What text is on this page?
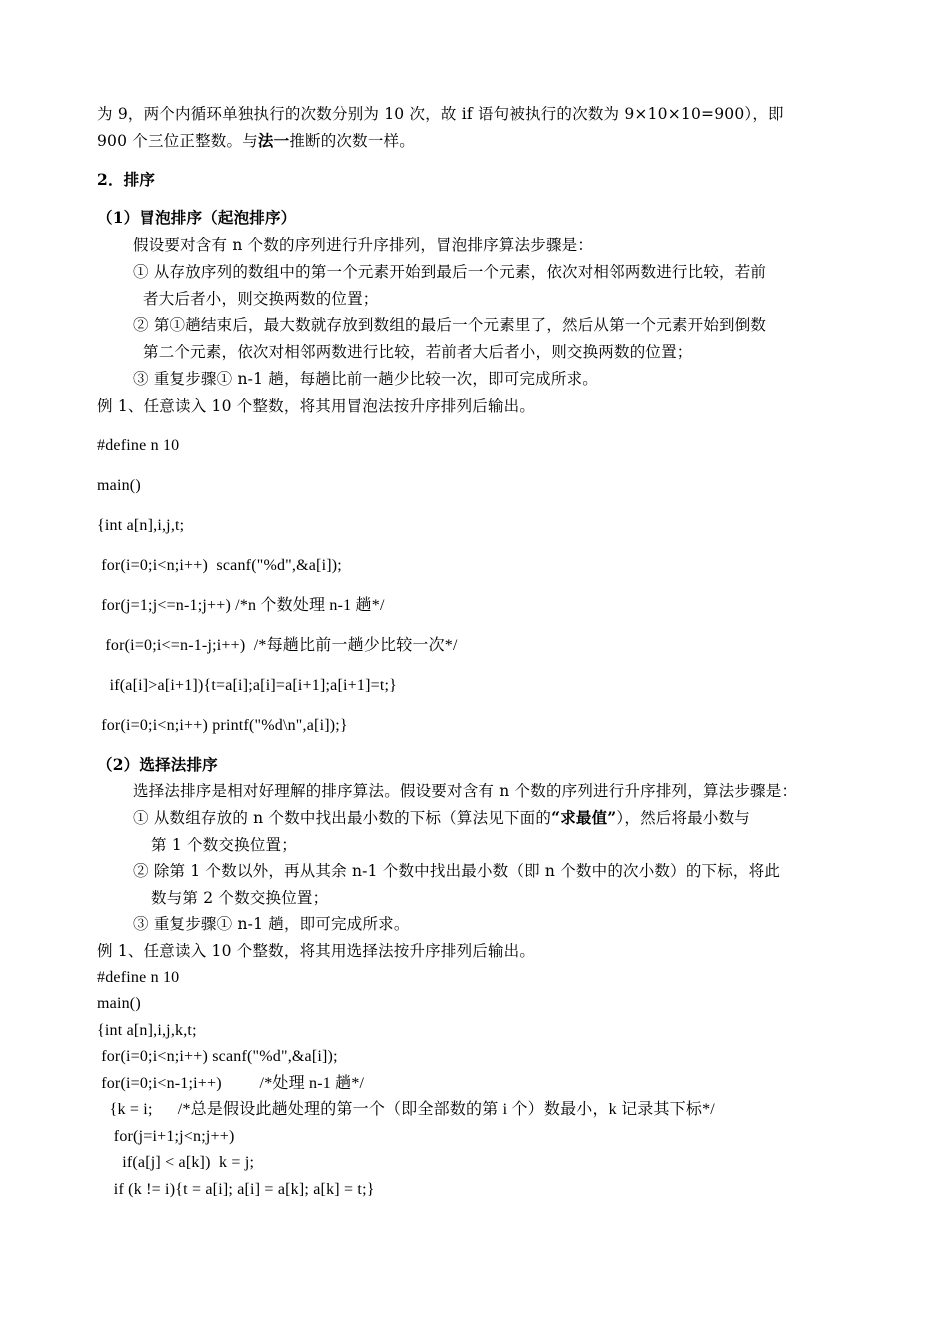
为 9，两个内循环单独执行的次数分别为 10 次，故 if 语句被执行的次数为 9×10×10=900），即
900 个三位正整数。与法一推断的次数一样。
2．排序
（1）冒泡排序（起泡排序）
假设要对含有 n 个数的序列进行升序排列，冒泡排序算法步骤是：
① 从存放序列的数组中的第一个元素开始到最后一个元素，依次对相邻两数进行比较，若前
者大后者小，则交换两数的位置；
② 第①趟结束后，最大数就存放到数组的最后一个元素里了，然后从第一个元素开始到倒数
第二个元素，依次对相邻两数进行比较，若前者大后者小，则交换两数的位置；
③ 重复步骤① n-1 趟，每趟比前一趟少比较一次，即可完成所求。
例 1、任意读入 10 个整数，将其用冒泡法按升序排列后输出。
#define n 10
main()
{int a[n],i,j,t;
for(i=0;i<n;i++)  scanf("%d",&a[i]);
for(j=1;j<=n-1;j++) /*n 个数处理 n-1 趟*/
for(i=0;i<=n-1-j;i++)  /*每趟比前一趟少比较一次*/
if(a[i]>a[i+1]){t=a[i];a[i]=a[i+1];a[i+1]=t;}
for(i=0;i<n;i++) printf("%d\n",a[i]);}
（2）选择法排序
选择法排序是相对好理解的排序算法。假设要对含有 n 个数的序列进行升序排列，算法步骤是：
① 从数组存放的 n 个数中找出最小数的下标（算法见下面的“求最值”），然后将最小数与
第 1 个数交换位置；
② 除第 1 个数以外，再从其余 n-1 个数中找出最小数（即 n 个数中的次小数）的下标，将此
数与第 2 个数交换位置；
③ 重复步骤① n-1 趟，即可完成所求。
例 1、任意读入 10 个整数，将其用选择法按升序排列后输出。
#define n 10
main()
{int a[n],i,j,k,t;
for(i=0;i<n;i++) scanf("%d",&a[i]);
for(i=0;i<n-1;i++)         /*处理 n-1 趟*/
{k = i;      /*总是假设此趟处理的第一个（即全部数的第 i 个）数最小，k 记录其下标*/
for(j=i+1;j<n;j++)
if(a[j] < a[k])  k = j;
if (k != i){t = a[i]; a[i] = a[k]; a[k] = t;}
